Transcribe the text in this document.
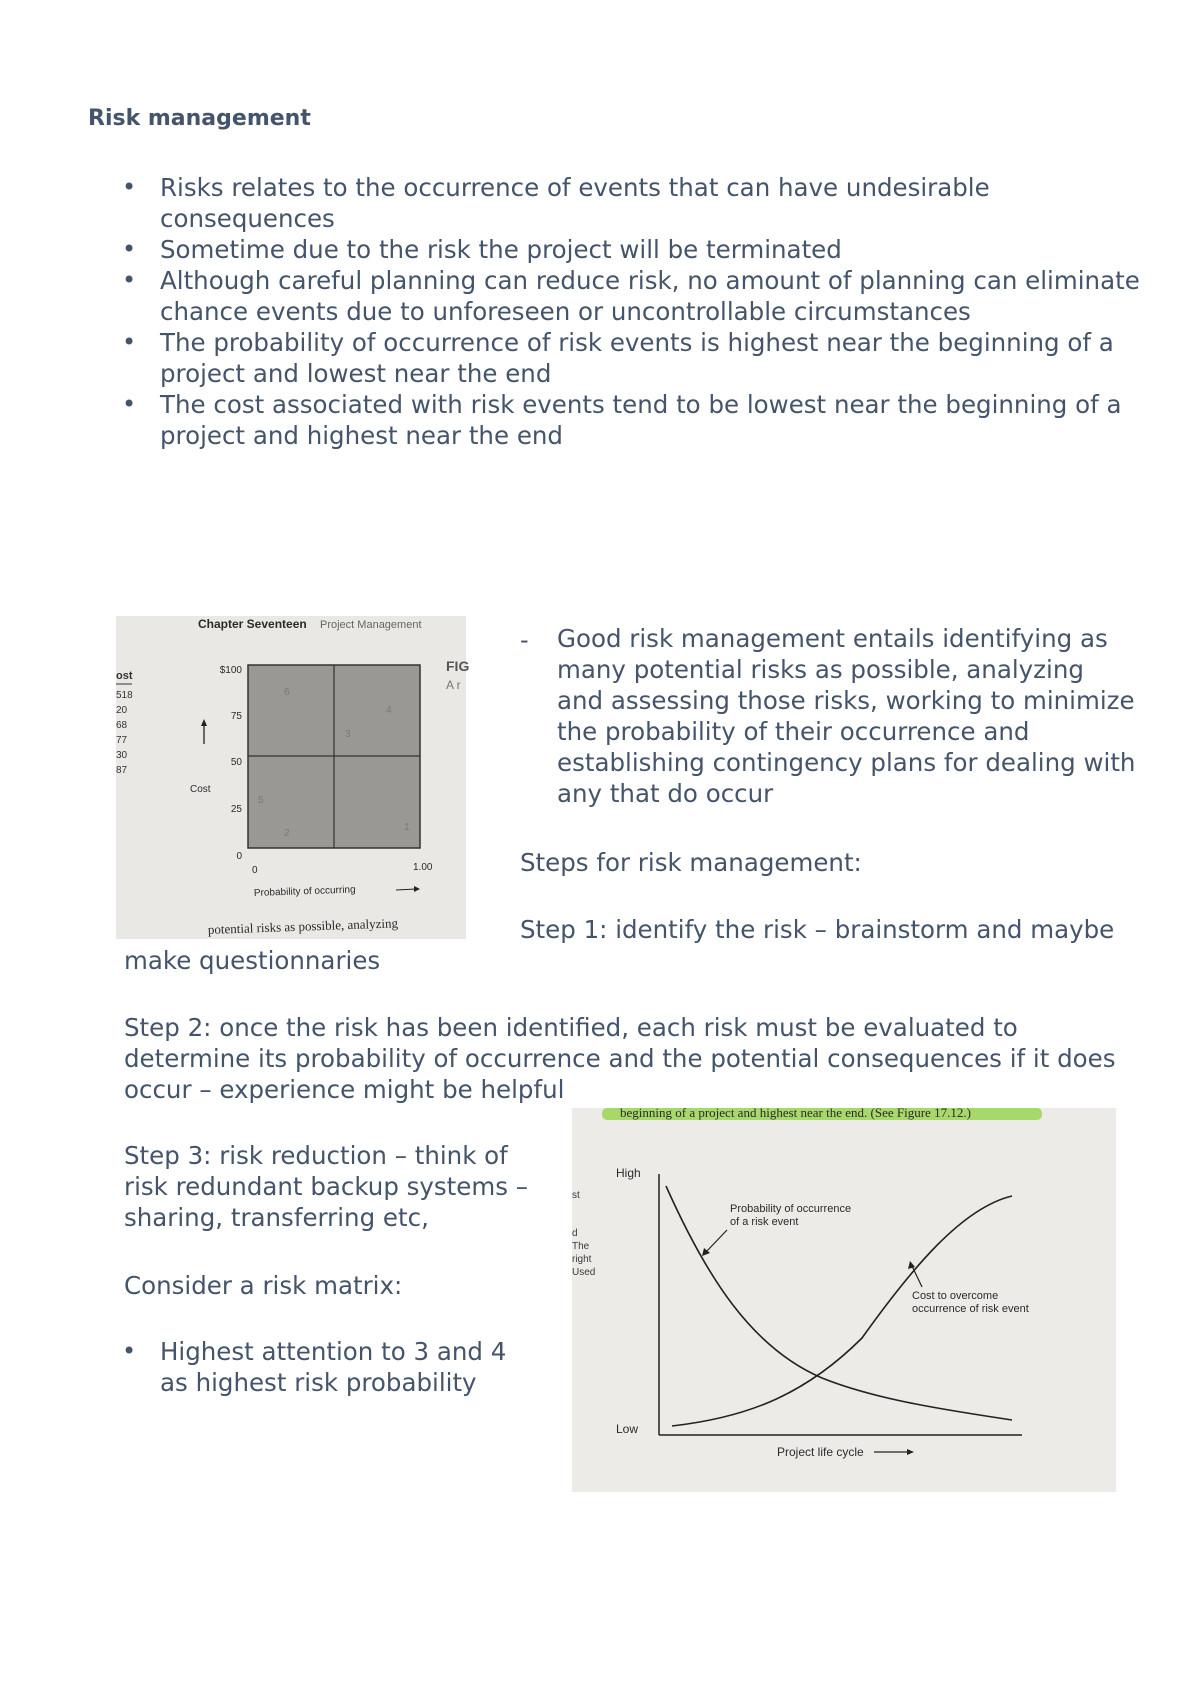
Risk management
• Risks relates to the occurrence of events that can have undesirable consequences
• Sometime due to the risk the project will be terminated
• Although careful planning can reduce risk, no amount of planning can eliminate chance events due to unforeseen or uncontrollable circumstances
• The probability of occurrence of risk events is highest near the beginning of a project and lowest near the end
• The cost associated with risk events tend to be lowest near the beginning of a project and highest near the end
Chapter Seventeen Project Management
FIG
A r
ost
518
20
68
77
30
87
$100
75
50
25
0
0	1.00
Cost
Probability of occurring
6
4
3
5
2
1
potential risks as possible, analyzing
- Good risk management entails identifying as many potential risks as possible, analyzing and assessing those risks, working to minimize the probability of their occurrence and establishing contingency plans for dealing with any that do occur

Steps for risk management:

Step 1: identify the risk – brainstorm and maybe

make questionnaries

Step 2: once the risk has been identified, each risk must be evaluated to determine its probability of occurrence and the potential consequences if it does occur – experience might be helpful

beginning of a project and highest near the end. (See Figure 17.12.)
st
d
The
right
Used
High
Low
Probability of occurrence
of a risk event
Cost to overcome
occurrence of risk event
Project life cycle

Step 3: risk reduction – think of risk redundant backup systems – sharing, transferring etc,

Consider a risk matrix:

• Highest attention to 3 and 4 as highest risk probability
